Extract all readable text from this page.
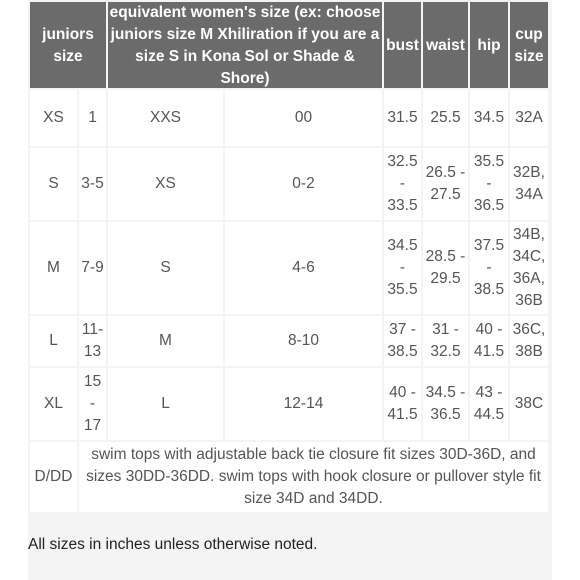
juniors size	equivalent women's size (ex: choose juniors size M Xhiliration if you are a size S in Kona Sol or Shade & Shore)	bust	waist	hip	cup size
XS	1	XXS	00	31.5	25.5	34.5	32A
S	3-5	XS	0-2	32.5 - 33.5	26.5 - 27.5	35.5 - 36.5	32B, 34A
M	7-9	S	4-6	34.5 - 35.5	28.5 - 29.5	37.5 - 38.5	34B, 34C, 36A, 36B
L	11-13	M	8-10	37 - 38.5	31 - 32.5	40 - 41.5	36C, 38B
XL	15 - 17	L	12-14	40 - 41.5	34.5 - 36.5	43 - 44.5	38C
D/DD	swim tops with adjustable back tie closure fit sizes 30D-36D, and sizes 30DD-36DD. swim tops with hook closure or pullover style fit size 34D and 34DD.						
All sizes in inches unless otherwise noted.
